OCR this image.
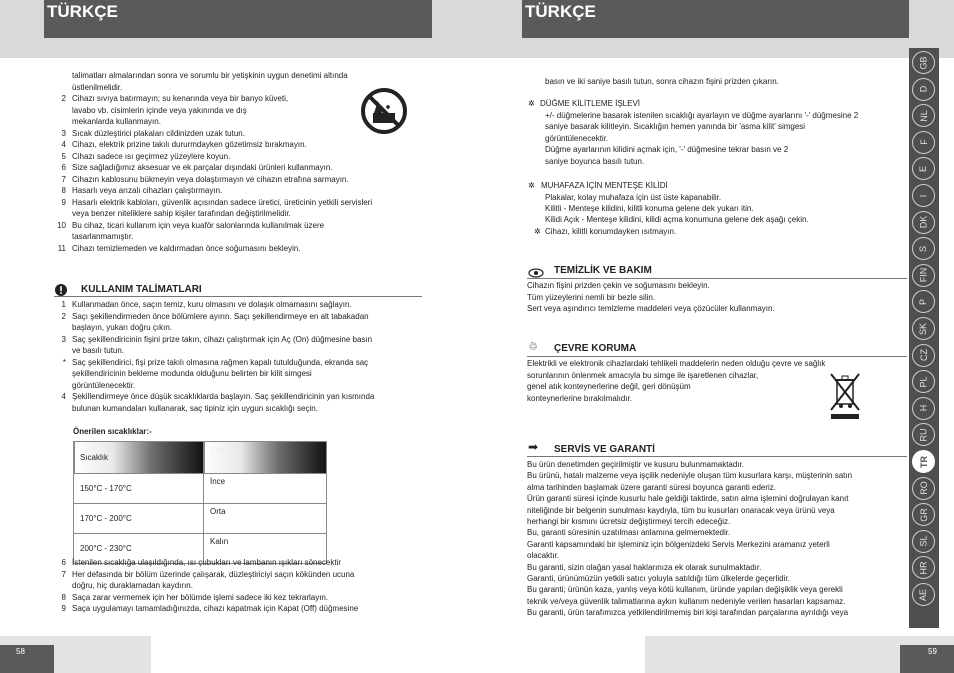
TÜRKÇE	TÜRKÇE
58	59
GB
D
NL
F
E
I
DK
S
FIN
P
SK
CZ
PL
H
RU
TR
RO
GR
SL
HR
AE
talimatları almalarından sonra ve sorumlu bir yetişkinin uygun denetimi altında
üstlenilmelidir.
2 Cihazı sıvıya batırmayın; su kenarında veya bir banyo küveti,
lavabo vb. cisimlerin içinde veya yakınında ve dış
mekanlarda kullanmayın.
3 Sıcak düzleştirici plakaları cildinizden uzak tutun.
4 Cihazı, elektrik prizine takılı dururmdayken gözetimsiz bırakmayın.
5 Cihazı sadece ısı geçirmez yüzeylere koyun.
6 Size sağladığımız aksesuar ve ek parçalar dışındaki ürünleri kullanmayın.
7 Cihazın kablosunu bükmeyin veya dolaştırmayın ve cihazın etrafına sarmayın.
8 Hasarlı veya arızalı cihazları çalıştırmayın.
9 Hasarlı elektrik kabloları, güvenlik açısından sadece üretici, üreticinin yetkili servisleri
veya benzer niteliklere sahip kişiler tarafından değiştirilmelidir.
10 Bu cihaz, ticari kullanım için veya kuaför salonlarında kullanılmak üzere
tasarlanmamıştır.
11 Cihazı temizlemeden ve kaldırmadan önce soğumasını bekleyin.
KULLANIM TALİMATLARI
1 Kullanmadan önce, saçın temiz, kuru olmasını ve dolaşık olmamasını sağlayın.
2 Saçı şekillendirmeden önce bölümlere ayırın. Saçı şekillendirmeye en alt tabakadan
başlayın, yukarı doğru çıkın.
3 Saç şekillendiricinin fişini prize takın, cihazı çalıştırmak için Aç (On) düğmesine basın
ve basılı tutun.
* Saç şekillendirici, fişi prize takılı olmasına rağmen kapalı tutulduğunda, ekranda saç
şekillendiricinin bekleme modunda olduğunu belirten bir kilit simgesi
görüntülenecektir.
4 Şekillendirmeye önce düşük sıcaklıklarda başlayın. Saç şekillendiricinin yan kısmında
bulunan kumandaları kullanarak, saç tipiniz için uygun sıcaklığı seçin.
Önerilen sıcaklıklar:-
Sıcaklık	Saç tipi
150°C - 170°C	İnce
170°C - 200°C	Orta
200°C - 230°C	Kalın
6 İstenilen sıcaklığa ulaşıldığında, ısı çubukları ve lambanın ışıkları sönecektir
7 Her defasında bir bölüm üzerinde çalışarak, düzleştiriciyi saçın kökünden ucuna
doğru, hiç duraklamadan kaydırın.
8 Saça zarar vermemek için her bölümde işlemi sadece iki kez tekrarlayın.
9 Saça uygulamayı tamamladığınızda, cihazı kapatmak için Kapat (Off) düğmesine
basın ve iki saniye basılı tutun, sonra cihazın fişini prizden çıkarın.
✲ DÜĞME KİLİTLEME İŞLEVİ
+/- düğmelerine basarak istenilen sıcaklığı ayarlayın ve düğme ayarlarını '-' düğmesine 2
saniye basarak kilitleyin. Sıcaklığın hemen yanında bir 'asma kilit' simgesi
görüntülenecektir.
Düğme ayarlarının kilidini açmak için, '-' düğmesine tekrar basın ve 2
saniye boyunca basılı tutun.
✲ MUHAFAZA İÇİN MENTEŞE KİLİDİ
Plakalar, kolay muhafaza için üst üste kapanabilir.
Kilitli - Menteşe kilidini, kilitli konuma gelene dek yukarı itin.
Kilidi Açık - Menteşe kilidini, kilidi açma konumuna gelene dek aşağı çekin.
✲ Cihazı, kilitli konumdayken ısıtmayın.
TEMİZLİK VE BAKIM
Cihazın fişini prizden çekin ve soğumasını bekleyin.
Tüm yüzeylerini nemli bir bezle silin.
Sert veya aşındırıcı temizleme maddeleri veya çözücüler kullanmayın.
♲ ÇEVRE KORUMA
Elektrikli ve elektronik cihazlardaki tehlikeli maddelerin neden olduğu çevre ve sağlık
sorunlarının önlenmek amacıyla bu simge ile işaretlenen cihazlar,
genel atık konteynerlerine değil, geri dönüşüm
konteynerlerine bırakılmalıdır.
➡ SERVİS VE GARANTİ
Bu ürün denetimden geçirilmiştir ve kusuru bulunmamaktadır.
Bu ürünü, hatalı malzeme veya işçilik nedeniyle oluşan tüm kusurlara karşı, müşterinin satın
alma tarihinden başlamak üzere garanti süresi boyunca garanti ederiz.
Ürün garanti süresi içinde kusurlu hale geldiği taktirde, satın alma işlemini doğrulayan kanıt
niteliğinde bir belgenin sunulması kaydıyla, tüm bu kusurları onaracak veya ürünü veya
herhangi bir kısmını ücretsiz değiştirmeyi tercih edeceğiz.
Bu, garanti süresinin uzatılması anlamına gelmemektedir.
Garanti kapsamındaki bir işleminiz için bölgenizdeki Servis Merkezini aramanız yeterli
olacaktır.
Bu garanti, sizin olağan yasal haklarınıza ek olarak sunulmaktadır.
Garanti, ürünümüzün yetkili satıcı yoluyla satıldığı tüm ülkelerde geçerlidir.
Bu garanti; ürünün kaza, yanlış veya kötü kullanım, üründe yapılan değişiklik veya gerekli
teknik ve/veya güvenlik talimatlarına aykırı kullanım nedeniyle verilen hasarları kapsamaz.
Bu garanti, ürün tarafımızca yetkilendirilmemiş biri kişi tarafından parçalarına ayrıldığı veya
